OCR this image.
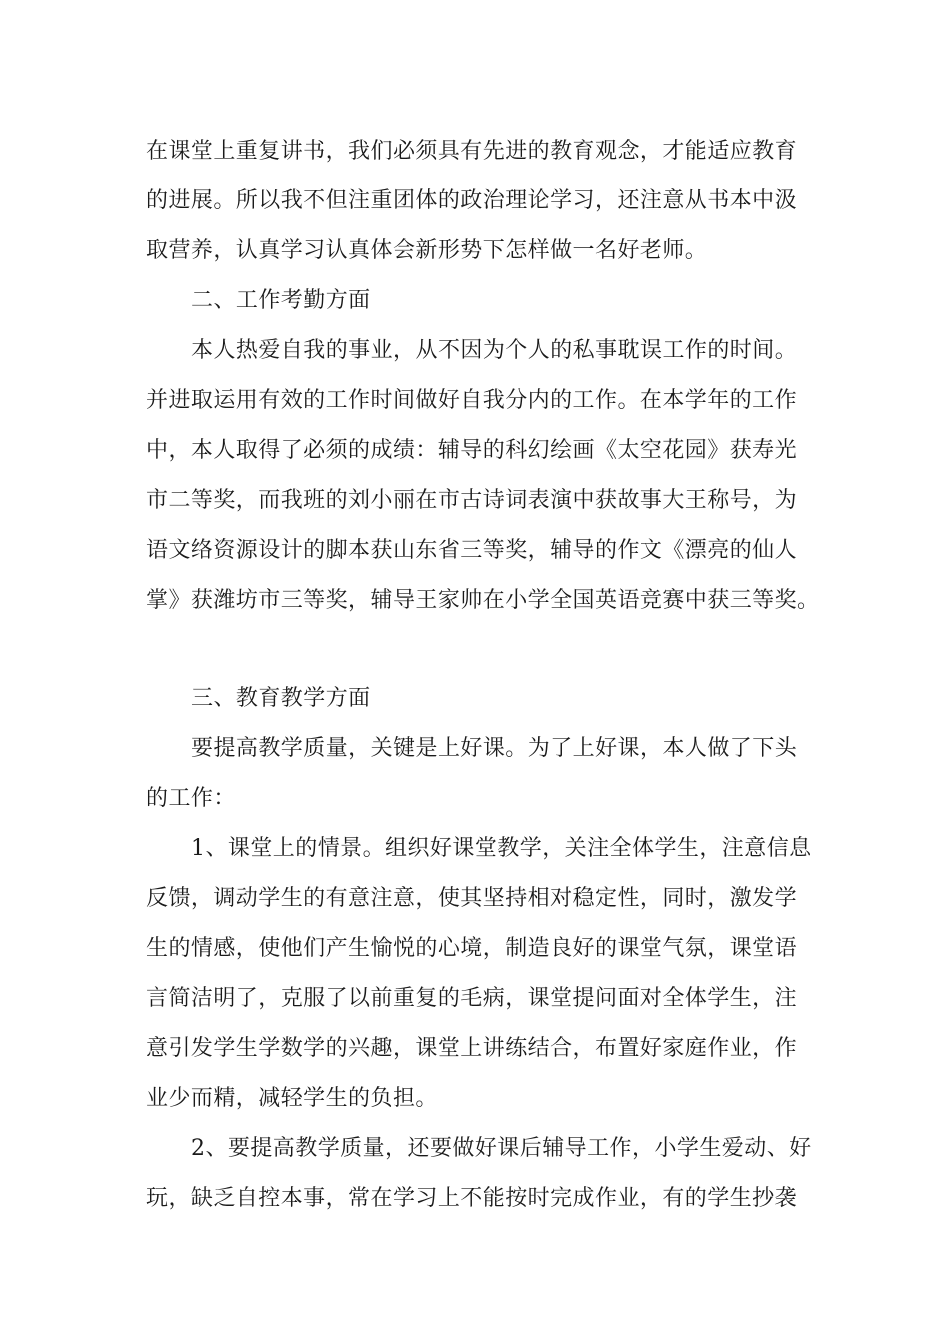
在课堂上重复讲书，我们必须具有先进的教育观念，才能适应教育
的进展。所以我不但注重团体的政治理论学习，还注意从书本中汲
取营养，认真学习认真体会新形势下怎样做一名好老师。
二、工作考勤方面
本人热爱自我的事业，从不因为个人的私事耽误工作的时间。
并进取运用有效的工作时间做好自我分内的工作。在本学年的工作
中，本人取得了必须的成绩：辅导的科幻绘画《太空花园》获寿光
市二等奖，而我班的刘小丽在市古诗词表演中获故事大王称号，为
语文络资源设计的脚本获山东省三等奖，辅导的作文《漂亮的仙人
掌》获潍坊市三等奖，辅导王家帅在小学全国英语竞赛中获三等奖。
三、教育教学方面
要提高教学质量，关键是上好课。为了上好课，本人做了下头
的工作：
1、课堂上的情景。组织好课堂教学，关注全体学生，注意信息
反馈，调动学生的有意注意，使其坚持相对稳定性，同时，激发学
生的情感，使他们产生愉悦的心境，制造良好的课堂气氛，课堂语
言简洁明了，克服了以前重复的毛病，课堂提问面对全体学生，注
意引发学生学数学的兴趣，课堂上讲练结合，布置好家庭作业，作
业少而精，减轻学生的负担。
2、要提高教学质量，还要做好课后辅导工作，小学生爱动、好
玩，缺乏自控本事，常在学习上不能按时完成作业，有的学生抄袭
